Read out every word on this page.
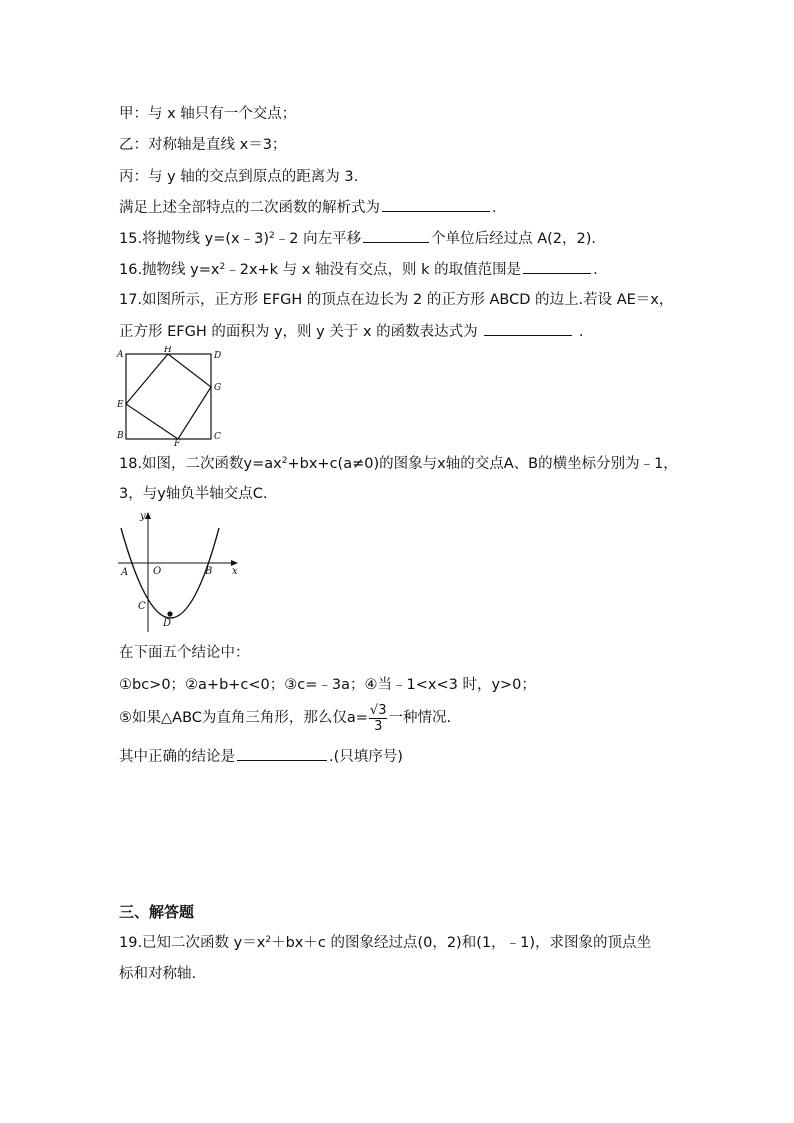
甲：与 x 轴只有一个交点；
乙：对称轴是直线 x＝3；
丙：与 y 轴的交点到原点的距离为 3.
满足上述全部特点的二次函数的解析式为	.
15.将抛物线 y=(x﹣3)$^2$﹣2 向左平移	个单位后经过点 A(2，2).
16.抛物线 $y=x^2﹣2x+k$ 与 x 轴没有交点，则 k 的取值范围是	.
17.如图所示，正方形 EFGH 的顶点在边长为 2 的正方形 ABCD 的边上.若设 AE＝x，
正方形 EFGH 的面积为 y，则 y 关于 x 的函数表达式为	.
A	H
D
G
E
B
F
C
18.如图，二次函数$y=ax^2+bx+c(a\ne 0)$的图象与x轴的交点A、B的横坐标分别为﹣1，
3，与y轴负半轴交点C.
y
x
A O	B
C
D
在下面五个结论中：
①bc>0；②a+b+c<0；③c=﹣3a；④当﹣1<x<3 时，y>0；
⑤如果△ABC为直角三角形，那么仅$a= \frac{√3}{3}$ 一种情况.
其中正确的结论是	.(只填序号)
三、解答题
19.已知二次函数 $y=x^2+bx+c$ 的图象经过点(0，2)和(1，﹣1)，求图象的顶点坐
标和对称轴.
